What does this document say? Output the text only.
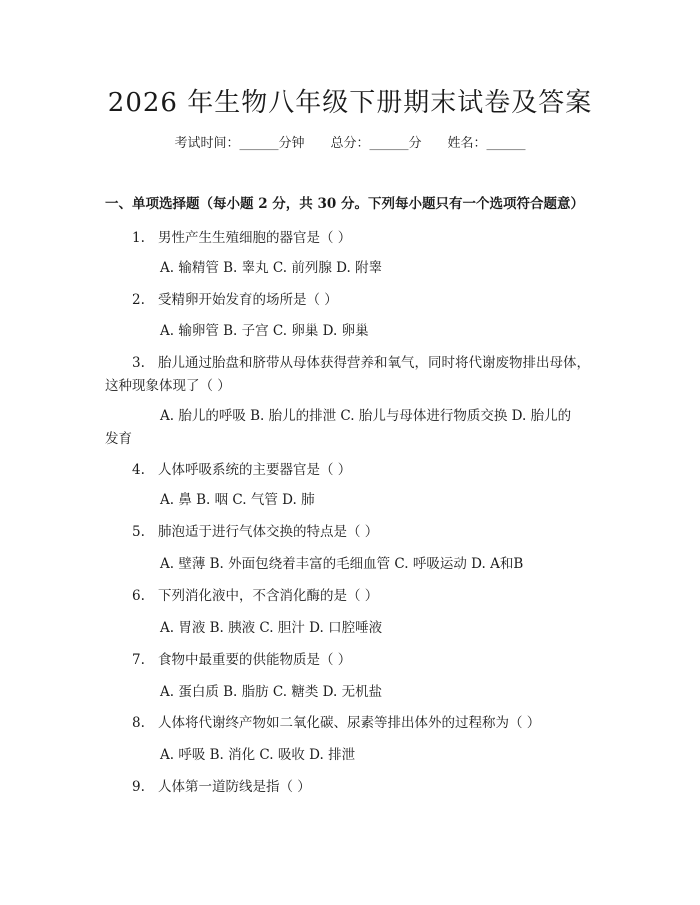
2026 年生物八年级下册期末试卷及答案
考试时间：______分钟 总分：______分 姓名：______
一、单项选择题（每小题 2 分，共 30 分。下列每小题只有一个选项符合题意）

1. 男性产生生殖细胞的器官是（ ）

A. 输精管 B. 睾丸 C. 前列腺 D. 附睾

2. 受精卵开始发育的场所是（ ）

A. 输卵管 B. 子宫 C. 卵巢 D. 卵巢

3. 胎儿通过胎盘和脐带从母体获得营养和氧气，同时将代谢废物排出母体，

这种现象体现了（ ）

A. 胎儿的呼吸 B. 胎儿的排泄 C. 胎儿与母体进行物质交换 D. 胎儿的

发育

4. 人体呼吸系统的主要器官是（ ）

A. 鼻 B. 咽 C. 气管 D. 肺

5. 肺泡适于进行气体交换的特点是（ ）

A. 壁薄 B. 外面包绕着丰富的毛细血管 C. 呼吸运动 D. A和B

6. 下列消化液中，不含消化酶的是（ ）

A. 胃液 B. 胰液 C. 胆汁 D. 口腔唾液

7. 食物中最重要的供能物质是（ ）

A. 蛋白质 B. 脂肪 C. 糖类 D. 无机盐

8. 人体将代谢终产物如二氧化碳、尿素等排出体外的过程称为（ ）

A. 呼吸 B. 消化 C. 吸收 D. 排泄

9. 人体第一道防线是指（ ）
